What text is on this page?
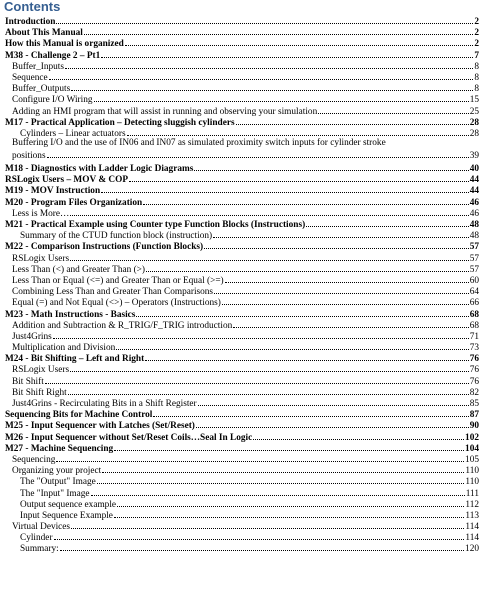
Contents
Introduction	2
About This Manual	2
How this Manual is organized	2
M38 - Challenge 2 – Pt1	7
Buffer_Inputs	8
Sequence	8
Buffer_Outputs	8
Configure I/O Wiring	15
Adding an HMI program that will assist in running and observing your simulation	25
M17 - Practical Application – Detecting sluggish cylinders	28
Cylinders – Linear actuators	28
Buffering I/O and the use of IN06 and IN07 as simulated proximity switch inputs for cylinder stroke
positions	39
M18 - Diagnostics with Ladder Logic Diagrams	40
RSLogix Users – MOV & COP	44
M19 - MOV Instruction	44
M20 - Program Files Organization	46
Less is More…	46
M21 - Practical Example using Counter type Function Blocks (Instructions)	48
Summary of the CTUD function block (instruction)	48
M22 - Comparison Instructions (Function Blocks)	57
RSLogix Users	57
Less Than (<) and Greater Than (>)	57
Less Than or Equal (<=) and Greater Than or Equal (>=)	60
Combining Less Than and Greater Than Comparisons	64
Equal (=) and Not Equal (<>) – Operators (Instructions)	66
M23 - Math Instructions - Basics	68
Addition and Subtraction & R_TRIG/F_TRIG introduction	68
Just4Grins	71
Multiplication and Division	73
M24 - Bit Shifting – Left and Right	76
RSLogix Users	76
Bit Shift	76
Bit Shift Right	82
Just4Grins - Recirculating Bits in a Shift Register	85
Sequencing Bits for Machine Control	87
M25 - Input Sequencer with Latches (Set/Reset)	90
M26 - Input Sequencer without Set/Reset Coils…Seal In Logic	102
M27 - Machine Sequencing	104
Sequencing	105
Organizing your project	110
The "Output" Image	110
The "Input" Image	111
Output sequence example	112
Input Sequence Example	113
Virtual Devices	114
Cylinder	114
Summary:	120
